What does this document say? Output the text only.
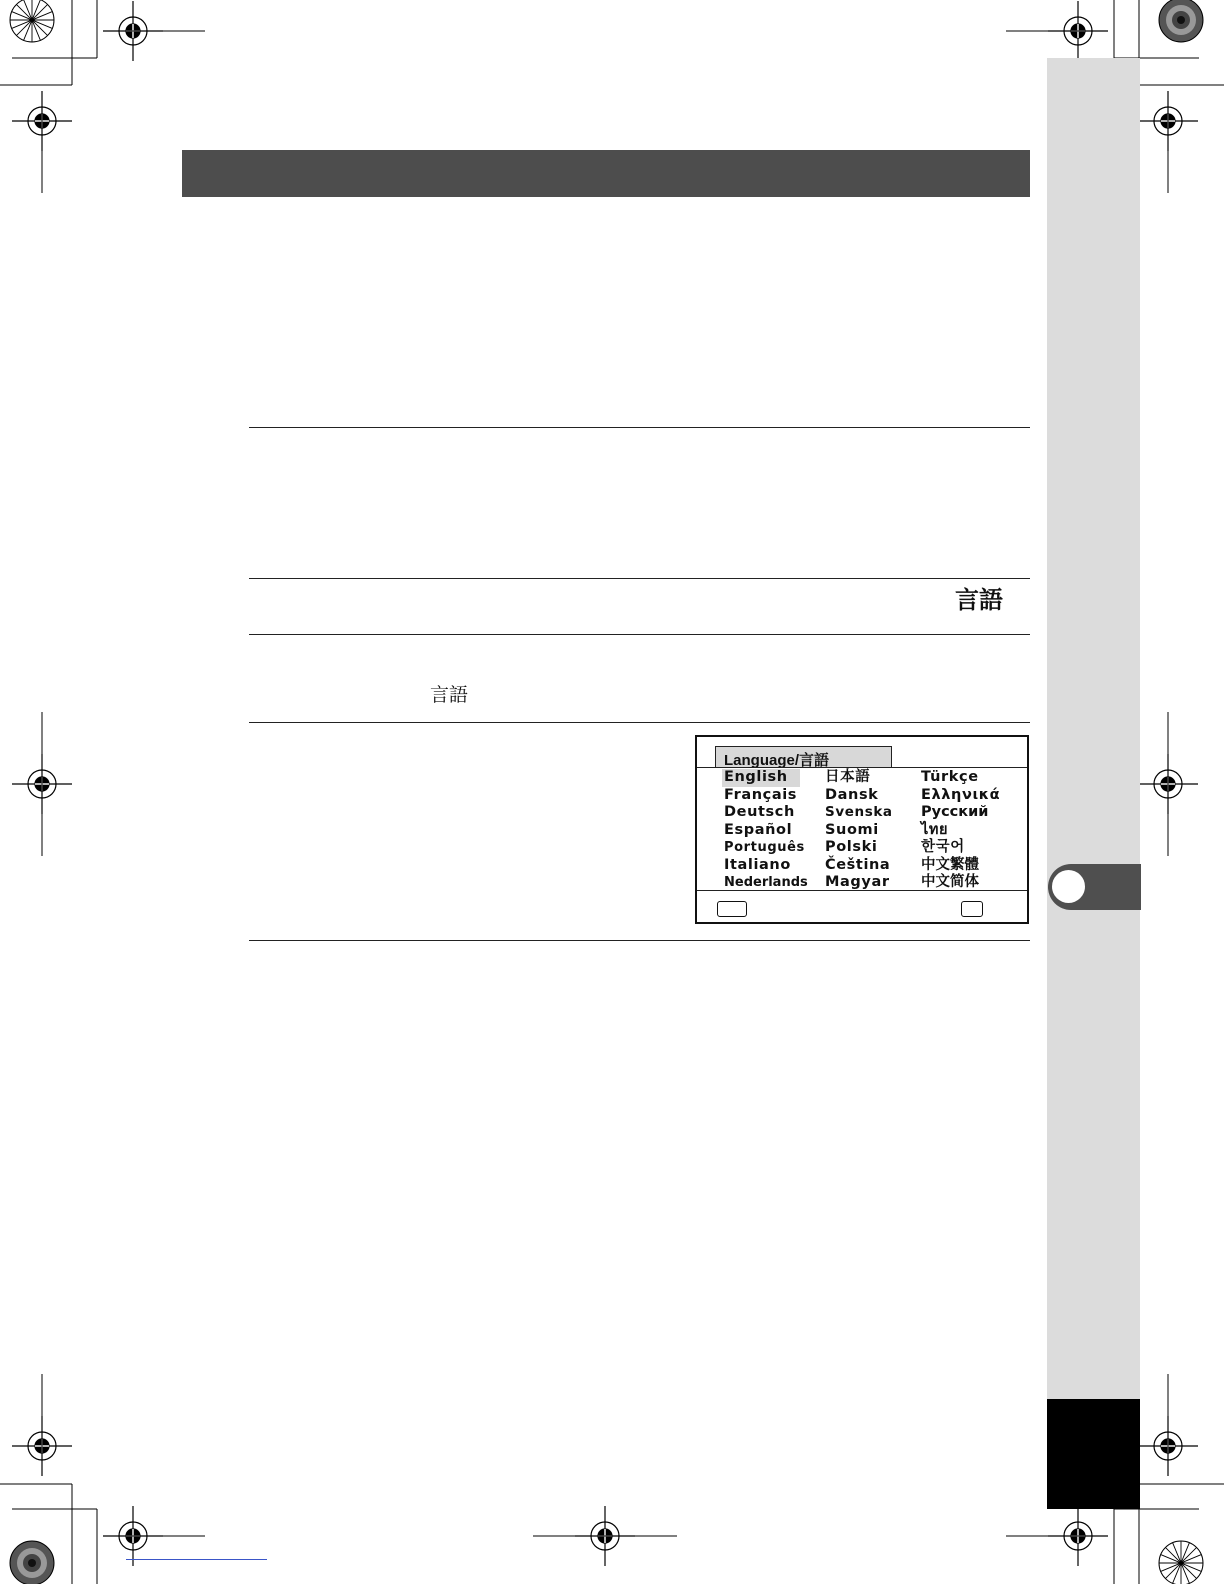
言語
言語
Language/言語
English
Français
Deutsch
Español
Português
Italiano
Nederlands
日本語
Dansk
Svenska
Suomi
Polski
Čeština
Magyar
Türkçe
Ελληνικά
Русский
ไทย
한국어
中文繁體
中文简体
